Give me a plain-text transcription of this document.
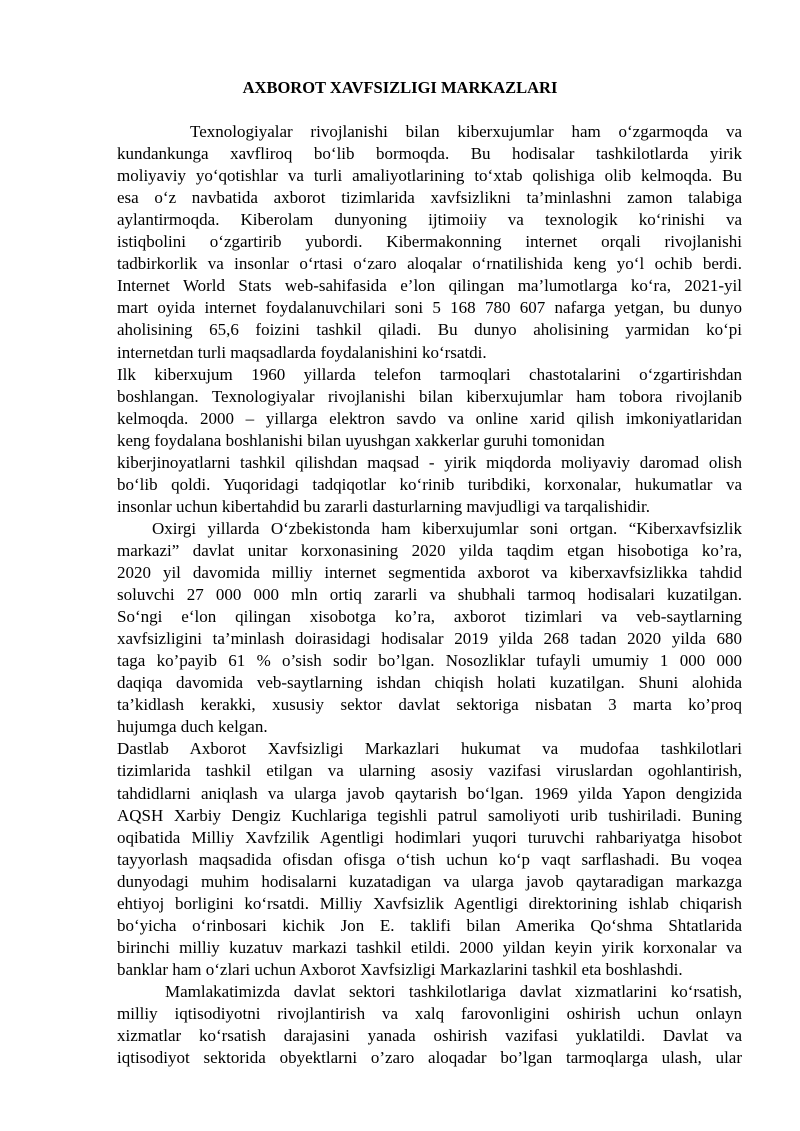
AXBOROT XAVFSIZLIGI MARKAZLARI
Texnologiyalar rivojlanishi bilan kiberxujumlar ham o‘zgarmoqda va
kundankunga xavfliroq bo‘lib bormoqda. Bu hodisalar tashkilotlarda yirik
moliyaviy yo‘qotishlar va turli amaliyotlarining to‘xtab qolishiga olib kelmoqda. Bu
esa o‘z navbatida axborot tizimlarida xavfsizlikni ta’minlashni zamon talabiga
aylantirmoqda. Kiberolam dunyoning ijtimoiiy va texnologik ko‘rinishi va
istiqbolini o‘zgartirib yubordi. Kibermakonning internet orqali rivojlanishi
tadbirkorlik va insonlar o‘rtasi o‘zaro aloqalar o‘rnatilishida keng yo‘l ochib berdi.
Internet World Stats web-sahifasida e’lon qilingan ma’lumotlarga ko‘ra, 2021-yil
mart oyida internet foydalanuvchilari soni 5 168 780 607 nafarga yetgan, bu dunyo
aholisining 65,6 foizini tashkil qiladi. Bu dunyo aholisining yarmidan ko‘pi
internetdan turli maqsadlarda foydalanishini ko‘rsatdi.
Ilk kiberxujum 1960 yillarda telefon tarmoqlari chastotalarini o‘zgartirishdan
boshlangan. Texnologiyalar rivojlanishi bilan kiberxujumlar ham tobora rivojlanib
kelmoqda. 2000 – yillarga elektron savdo va online xarid qilish imkoniyatlaridan
keng foydalana boshlanishi bilan uyushgan xakkerlar guruhi tomonidan
kiberjinoyatlarni tashkil qilishdan maqsad - yirik miqdorda moliyaviy daromad olish
bo‘lib qoldi. Yuqoridagi tadqiqotlar ko‘rinib turibdiki, korxonalar, hukumatlar va
insonlar uchun kibertahdid bu zararli dasturlarning mavjudligi va tarqalishidir.
Oxirgi yillarda O‘zbekistonda ham kiberxujumlar soni ortgan. “Kiberxavfsizlik
markazi” davlat unitar korxonasining 2020 yilda taqdim etgan hisobotiga ko’ra,
2020 yil davomida milliy internet segmentida axborot va kiberxavfsizlikka tahdid
soluvchi 27 000 000 mln ortiq zararli va shubhali tarmoq hodisalari kuzatilgan.
So‘ngi e‘lon qilingan xisobotga ko’ra, axborot tizimlari va veb-saytlarning
xavfsizligini ta’minlash doirasidagi hodisalar 2019 yilda 268 tadan 2020 yilda 680
taga ko’payib 61 % o’sish sodir bo’lgan. Nosozliklar tufayli umumiy 1 000 000
daqiqa davomida veb-saytlarning ishdan chiqish holati kuzatilgan. Shuni alohida
ta’kidlash kerakki, xususiy sektor davlat sektoriga nisbatan 3 marta ko’proq
hujumga duch kelgan.
Dastlab Axborot Xavfsizligi Markazlari hukumat va mudofaa tashkilotlari
tizimlarida tashkil etilgan va ularning asosiy vazifasi viruslardan ogohlantirish,
tahdidlarni aniqlash va ularga javob qaytarish bo‘lgan. 1969 yilda Yapon dengizida
AQSH Xarbiy Dengiz Kuchlariga tegishli patrul samoliyoti urib tushiriladi. Buning
oqibatida Milliy Xavfzilik Agentligi hodimlari yuqori turuvchi rahbariyatga hisobot
tayyorlash maqsadida ofisdan ofisga o‘tish uchun ko‘p vaqt sarflashadi. Bu voqea
dunyodagi muhim hodisalarni kuzatadigan va ularga javob qaytaradigan markazga
ehtiyoj borligini ko‘rsatdi. Milliy Xavfsizlik Agentligi direktorining ishlab chiqarish
bo‘yicha o‘rinbosari kichik Jon E. taklifi bilan Amerika Qo‘shma Shtatlarida
birinchi milliy kuzatuv markazi tashkil etildi. 2000 yildan keyin yirik korxonalar va
banklar ham o‘zlari uchun Axborot Xavfsizligi Markazlarini tashkil eta boshlashdi.
Mamlakatimizda davlat sektori tashkilotlariga davlat xizmatlarini ko‘rsatish,
milliy iqtisodiyotni rivojlantirish va xalq farovonligini oshirish uchun onlayn
xizmatlar ko‘rsatish darajasini yanada oshirish vazifasi yuklatildi. Davlat va
iqtisodiyot sektorida obyektlarni o’zaro aloqadar bo’lgan tarmoqlarga ulash, ular
